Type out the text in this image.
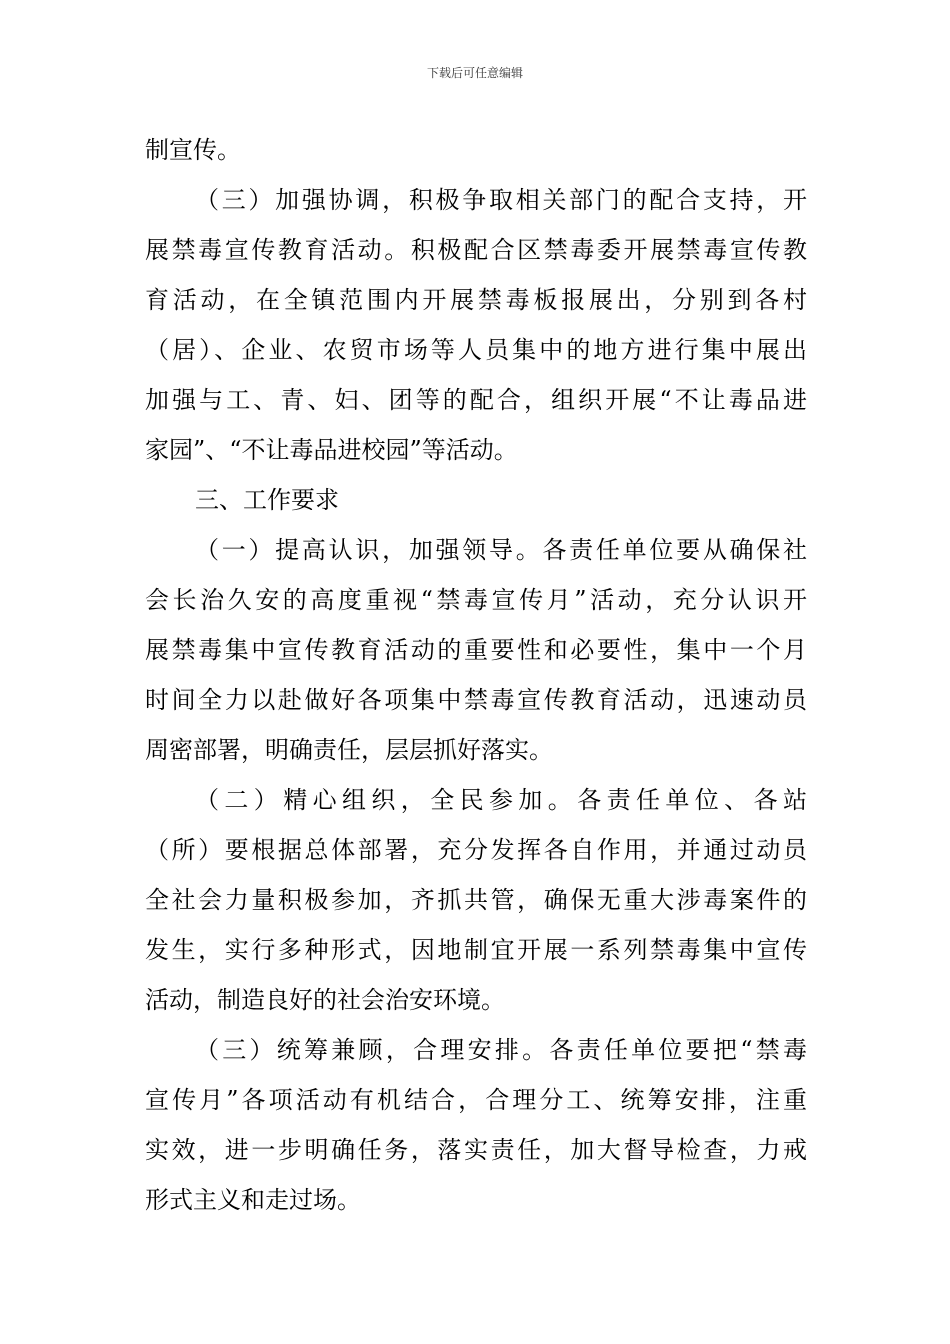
下载后可任意编辑
制宣传。
（三）加强协调，积极争取相关部门的配合支持，开
展禁毒宣传教育活动。积极配合区禁毒委开展禁毒宣传教
育活动，在全镇范围内开展禁毒板报展出，分别到各村
（居）、企业、农贸市场等人员集中的地方进行集中展出
加强与工、青、妇、团等的配合，组织开展“不让毒品进
家园”、“不让毒品进校园”等活动。
三、工作要求
（一）提高认识，加强领导。各责任单位要从确保社
会长治久安的高度重视“禁毒宣传月”活动，充分认识开
展禁毒集中宣传教育活动的重要性和必要性，集中一个月
时间全力以赴做好各项集中禁毒宣传教育活动，迅速动员
周密部署，明确责任，层层抓好落实。
（二）精心组织，全民参加。各责任单位、各站
（所）要根据总体部署，充分发挥各自作用，并通过动员
全社会力量积极参加，齐抓共管，确保无重大涉毒案件的
发生，实行多种形式，因地制宜开展一系列禁毒集中宣传
活动，制造良好的社会治安环境。
（三）统筹兼顾，合理安排。各责任单位要把“禁毒
宣传月”各项活动有机结合，合理分工、统筹安排，注重
实效，进一步明确任务，落实责任，加大督导检查，力戒
形式主义和走过场。
